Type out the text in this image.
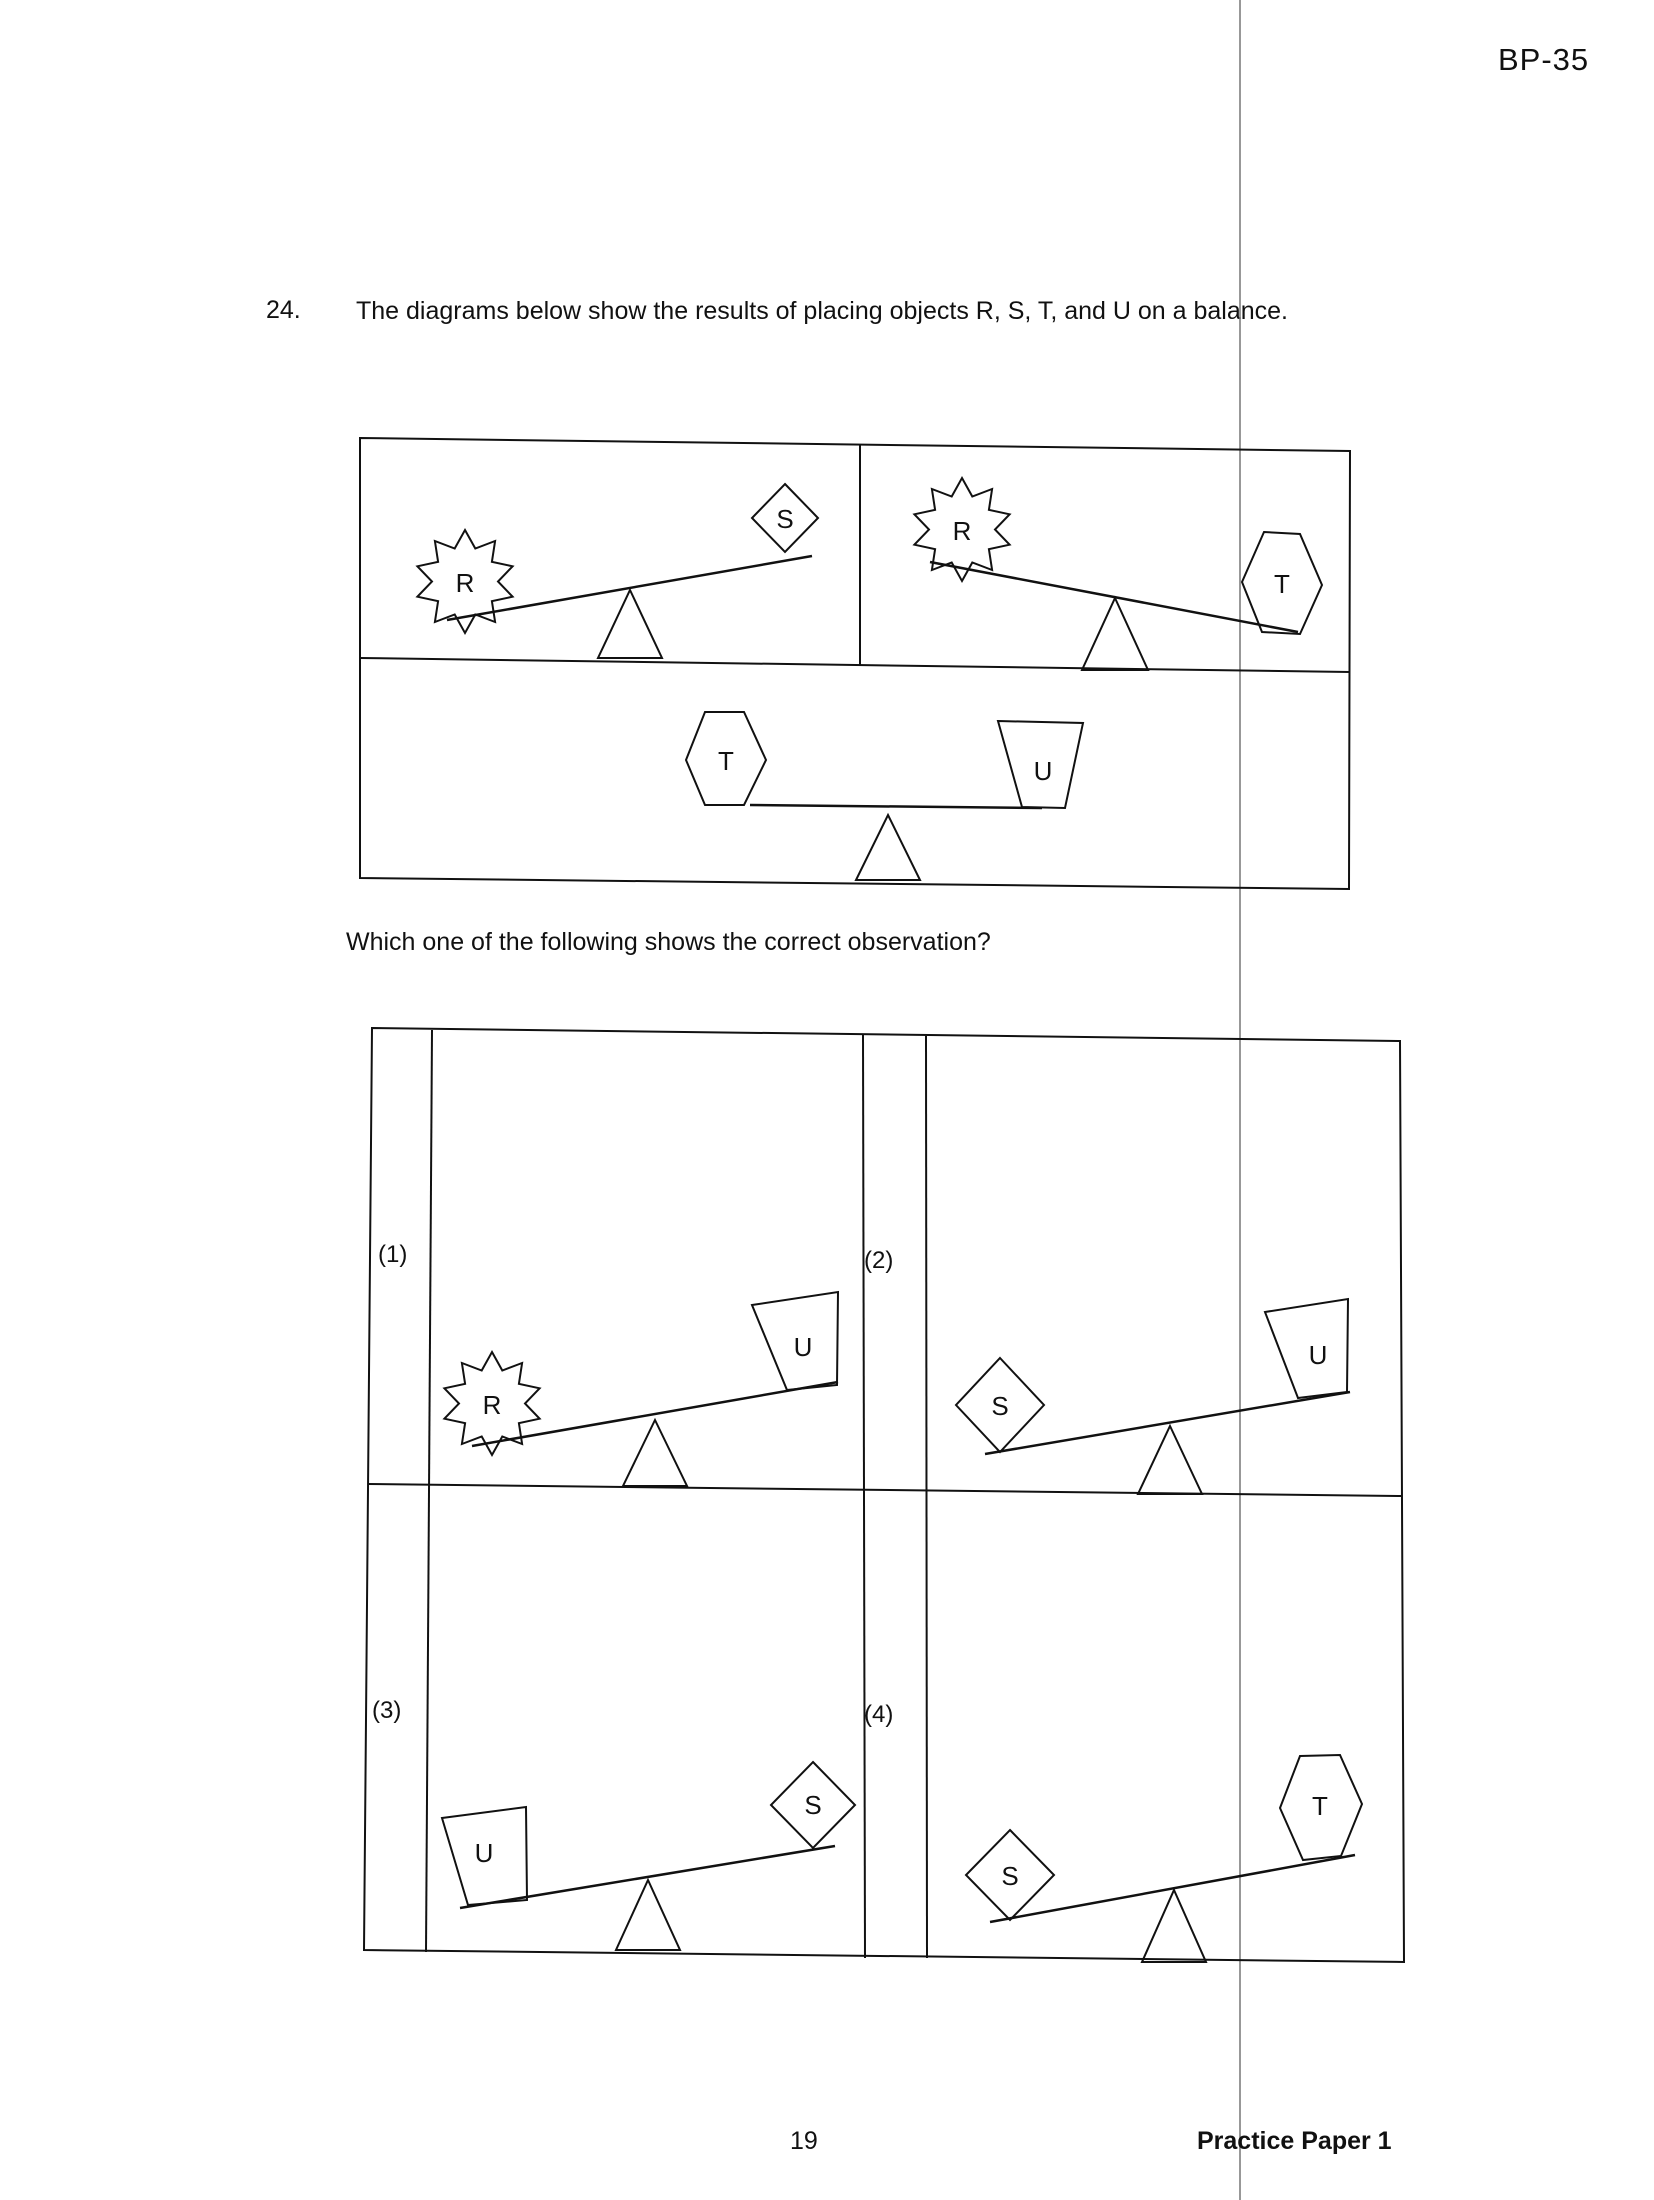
BP-35
24. The diagrams below show the results of placing objects R, S, T, and U on a balance.
Which one of the following shows the correct observation?
R
S	R
T
T	U
R
U
S
U
U
S
S
T
(1)	(2)
(3)	(4)
19	Practice Paper 1
